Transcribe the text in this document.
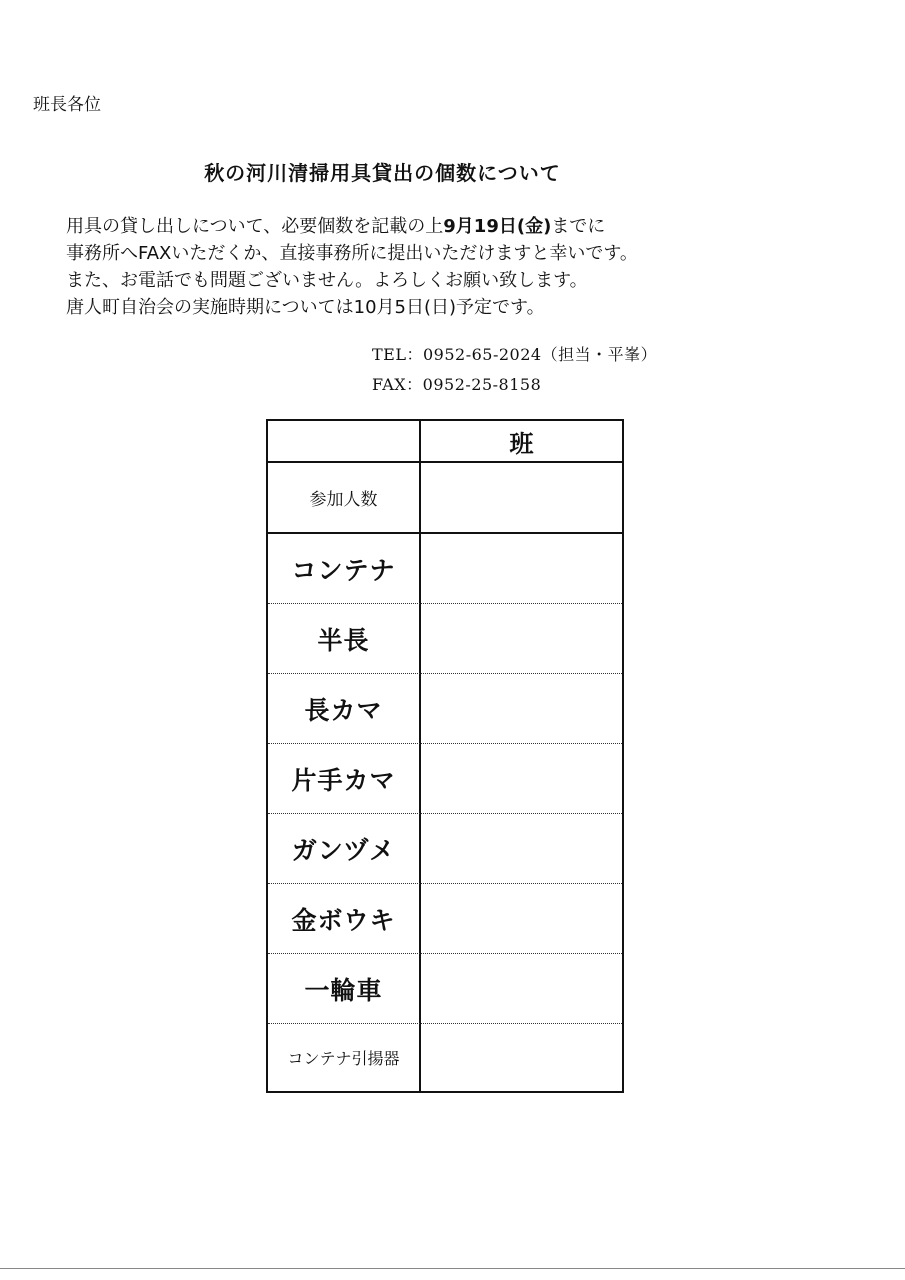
班長各位
秋の河川清掃用具貸出の個数について
用具の貸し出しについて、必要個数を記載の上9月19日(金)までに
事務所へFAXいただくか、直接事務所に提出いただけますと幸いです。
また、お電話でも問題ございません。よろしくお願い致します。
唐人町自治会の実施時期については10月5日(日)予定です。
TEL：0952-65-2024（担当・平峯）
FAX：0952-25-8158
班
参加人数
コンテナ
半長
長カマ
片手カマ
ガンヅメ
金ボウキ
一輪車
コンテナ引揚器
